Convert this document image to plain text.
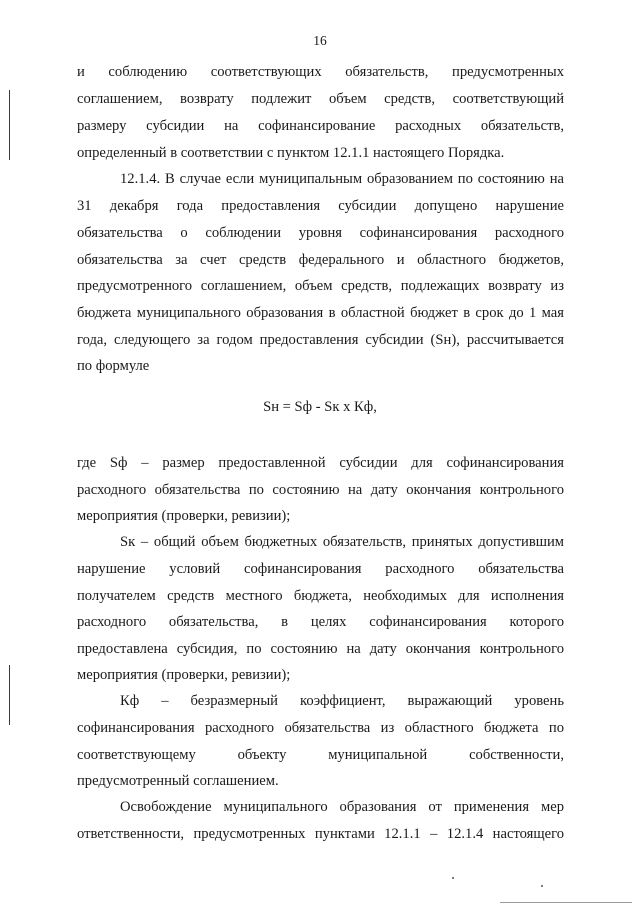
16
и соблюдению соответствующих обязательств, предусмотренных
соглашением, возврату подлежит объем средств, соответствующий
размеру субсидии на софинансирование расходных обязательств,
определенный в соответствии с пунктом 12.1.1 настоящего Порядка.
12.1.4. В случае если муниципальным образованием по состоянию на
31 декабря года предоставления субсидии допущено нарушение
обязательства о соблюдении уровня софинансирования расходного
обязательства за счет средств федерального и областного бюджетов,
предусмотренного соглашением, объем средств, подлежащих возврату из
бюджета муниципального образования в областной бюджет в срок до 1 мая
года, следующего за годом предоставления субсидии (Sн), рассчитывается
по формуле
Sн = Sф - Sк х Кф,
где Sф – размер предоставленной субсидии для софинансирования
расходного обязательства по состоянию на дату окончания контрольного
мероприятия (проверки, ревизии);
Sк – общий объем бюджетных обязательств, принятых допустившим
нарушение условий софинансирования расходного обязательства
получателем средств местного бюджета, необходимых для исполнения
расходного обязательства, в целях софинансирования которого
предоставлена субсидия, по состоянию на дату окончания контрольного
мероприятия (проверки, ревизии);
Кф – безразмерный коэффициент, выражающий уровень
софинансирования расходного обязательства из областного бюджета по
соответствующему объекту муниципальной собственности,
предусмотренный соглашением.
Освобождение муниципального образования от применения мер
ответственности, предусмотренных пунктами 12.1.1 – 12.1.4 настоящего
